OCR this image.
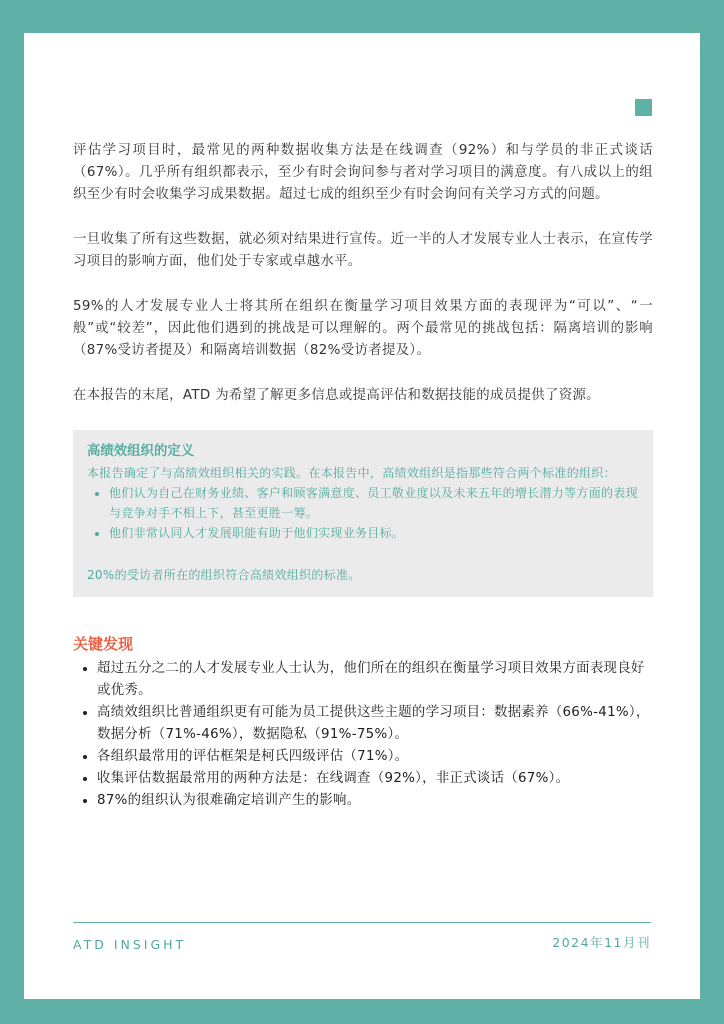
评估学习项目时，最常见的两种数据收集方法是在线调查（92%）和与学员的非正式谈话（67%）。几乎所有组织都表示，至少有时会询问参与者对学习项目的满意度。有八成以上的组织至少有时会收集学习成果数据。超过七成的组织至少有时会询问有关学习方式的问题。

一旦收集了所有这些数据，就必须对结果进行宣传。近一半的人才发展专业人士表示，在宣传学习项目的影响方面，他们处于专家或卓越水平。

59%的人才发展专业人士将其所在组织在衡量学习项目效果方面的表现评为“可以”、“一般”或“较差”，因此他们遇到的挑战是可以理解的。两个最常见的挑战包括：隔离培训的影响（87%受访者提及）和隔离培训数据（82%受访者提及）。

在本报告的末尾，ATD 为希望了解更多信息或提高评估和数据技能的成员提供了资源。

高绩效组织的定义

本报告确定了与高绩效组织相关的实践。在本报告中，高绩效组织是指那些符合两个标准的组织：

• 他们认为自己在财务业绩、客户和顾客满意度、员工敬业度以及未来五年的增长潜力等方面的表现与竞争对手不相上下，甚至更胜一筹。
• 他们非常认同人才发展职能有助于他们实现业务目标。
20%的受访者所在的组织符合高绩效组织的标准。
关键发现
• 超过五分之二的人才发展专业人士认为，他们所在的组织在衡量学习项目效果方面表现良好或优秀。
• 高绩效组织比普通组织更有可能为员工提供这些主题的学习项目：数据素养（66%-41%），数据分析（71%-46%），数据隐私（91%-75%）。
• 各组织最常用的评估框架是柯氏四级评估（71%）。
• 收集评估数据最常用的两种方法是：在线调查（92%），非正式谈话（67%）。
• 87%的组织认为很难确定培训产生的影响。
ATD INSIGHT	2024年11月刊
